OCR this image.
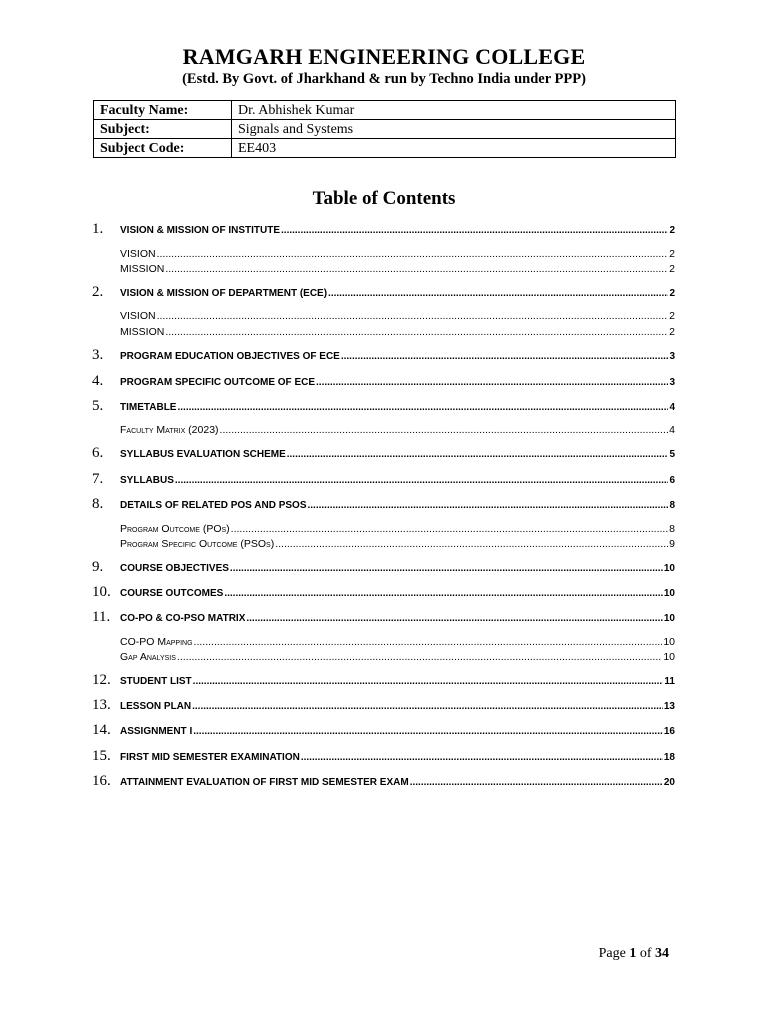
RAMGARH ENGINEERING COLLEGE
(Estd. By Govt. of Jharkhand & run by Techno India under PPP)
Faculty Name:	Dr. Abhishek Kumar
Subject:	Signals and Systems
Subject Code:	EE403
Table of Contents
1. VISION & MISSION OF INSTITUTE .....	2
VISION .....	2
MISSION .....	2
2. VISION & MISSION OF DEPARTMENT (ECE) .....	2
VISION .....	2
MISSION .....	2
3. PROGRAM EDUCATION OBJECTIVES OF ECE .....	3
4. PROGRAM SPECIFIC OUTCOME OF ECE .....	3
5. TIMETABLE .....	4
Faculty Matrix (2023) .....	4
6. SYLLABUS EVALUATION SCHEME .....	5
7. SYLLABUS .....	6
8. DETAILS OF RELATED POS AND PSOS .....	8
Program Outcome (POs) .....	8
Program Specific Outcome (PSOs) .....	9
9. COURSE OBJECTIVES .....	10
10. COURSE OUTCOMES .....	10
11. CO-PO & CO-PSO MATRIX .....	10
CO-PO Mapping .....	10
Gap Analysis .....	10
12. STUDENT LIST .....	11
13. LESSON PLAN .....	13
14. ASSIGNMENT I .....	16
15. FIRST MID SEMESTER EXAMINATION .....	18
16. ATTAINMENT EVALUATION OF FIRST MID SEMESTER EXAM .....	20
Page 1 of 34
